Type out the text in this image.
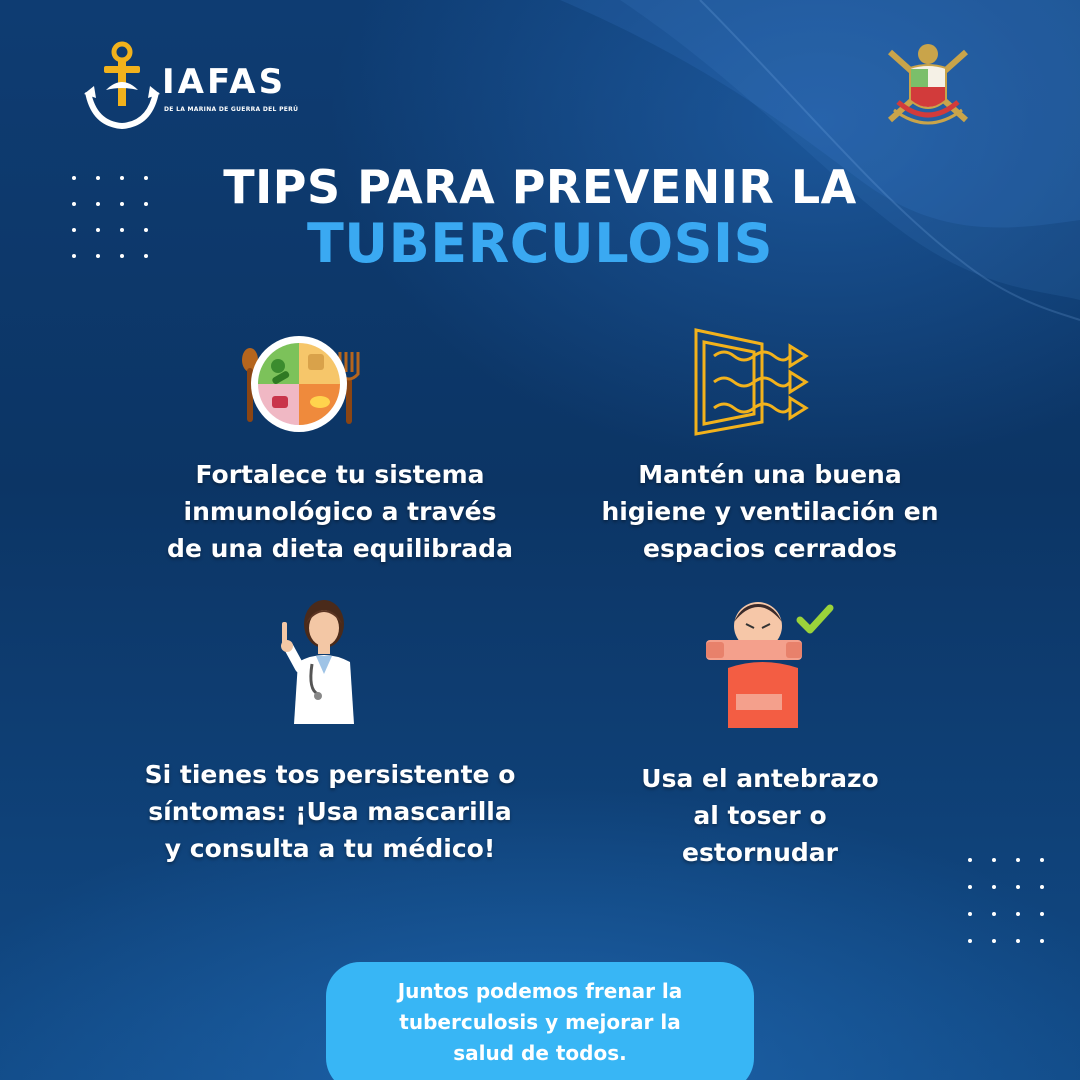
IAFAS
DE LA MARINA DE GUERRA DEL PERÚ
TIPS PARA PREVENIR LA
TUBERCULOSIS
Fortalece tu sistema
inmunológico a través
de una dieta equilibrada
Mantén una buena
higiene y ventilación en
espacios cerrados
Si tienes tos persistente o
síntomas: ¡Usa mascarilla
y consulta a tu médico!
Usa el antebrazo
al toser o
estornudar
Juntos podemos frenar la
tuberculosis y mejorar la
salud de todos.
